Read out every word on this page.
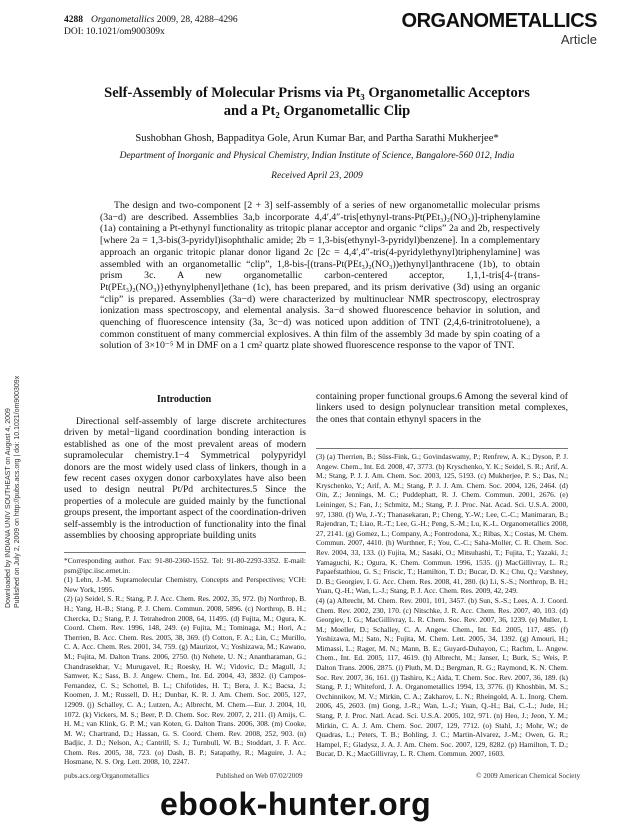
4288 Organometallics 2009, 28, 4288–4296
DOI: 10.1021/om900309x	ORGANOMETALLICS
Article
Self-Assembly of Molecular Prisms via Pt₃ Organometallic Acceptors
and a Pt₂ Organometallic Clip
Sushobhan Ghosh, Bappaditya Gole, Arun Kumar Bar, and Partha Sarathi Mukherjee*
Department of Inorganic and Physical Chemistry, Indian Institute of Science, Bangalore-560 012, India
Received April 23, 2009
The design and two-component [2 + 3] self-assembly of a series of new organometallic molecular prisms (3a−d) are described. Assemblies 3a,b incorporate 4,4′,4″-tris[ethynyl-trans-Pt(PEt₃)₂(NO₃)]-triphenylamine (1a) containing a Pt-ethynyl functionality as tritopic planar acceptor and organic “clips” 2a and 2b, respectively [where 2a = 1,3-bis(3-pyridyl)isophthalic amide; 2b = 1,3-bis(ethynyl-3-pyridyl)benzene]. In a complementary approach an organic tritopic planar donor ligand 2c [2c = 4,4′,4″-tris(4-pyridylethynyl)triphenylamine] was assembled with an organometallic “clip”, 1,8-bis-[(trans-Pt(PEt₃)₂(NO₃))ethynyl]anthracene (1b), to obtain prism 3c. A new organometallic carbon-centered acceptor, 1,1,1-tris[4-{trans-Pt(PEt₃)₂(NO₃)}ethynylphenyl]ethane (1c), has been prepared, and its prism derivative (3d) using an organic “clip” is prepared. Assemblies (3a−d) were characterized by multinuclear NMR spectroscopy, electrospray ionization mass spectroscopy, and elemental analysis. 3a−d showed fluorescence behavior in solution, and quenching of fluorescence intensity (3a, 3c−d) was noticed upon addition of TNT (2,4,6-trinitrotoluene), a common constituent of many commercial explosives. A thin film of the assembly 3d made by spin coating of a solution of 3×10⁻⁵ M in DMF on a 1 cm² quartz plate showed fluorescence response to the vapor of TNT.
Downloaded by INDIANA UNIV SOUTHEAST on August 4, 2009 Published on July 2, 2009 on http://pubs.acs.org | doi: 10.1021/om900309x	Introduction
Directional self-assembly of large discrete architectures driven by metal−ligand coordination bonding interaction is established as one of the most prevalent areas of modern supramolecular chemistry.1−4 Symmetrical polypyridyl donors are the most widely used class of linkers, though in a few recent cases oxygen donor carboxylates have also been used to design neutral Pt/Pd architectures.5 Since the properties of a molecule are guided mainly by the functional groups present, the important aspect of the coordination-driven self-assembly is the introduction of functionality into the final assemblies by choosing appropriate building units
containing proper functional groups.6 Among the several kind of linkers used to design polynuclear transition metal complexes, the ones that contain ethynyl spacers in the
*Corresponding author. Fax: 91-80-2360-1552. Tel: 91-80-2293-3352. E-mail: psm@ipc.iisc.ernet.in.
(1) Lehn, J.-M. Supramolecular Chemistry, Concepts and Perspectives; VCH: New York, 1995.
(2) (a) Seidel, S. R.; Stang, P. J. Acc. Chem. Res. 2002, 35, 972. (b) Northrop, B. H.; Yang, H.-B.; Stang, P. J. Chem. Commun. 2008, 5896. (c) Northrop, B. H.; Chercka, D.; Stang, P. J. Tetrahedron 2008, 64, 11495. (d) Fujita, M.; Ogura, K. Coord. Chem. Rev. 1996, 148, 249. (e) Fujita, M.; Tominaga, M.; Hori, A.; Therrien, B. Acc. Chem. Res. 2005, 38, 369. (f) Cotton, F. A.; Lin, C.; Murillo, C. A. Acc. Chem. Res. 2001, 34, 759. (g) Maurizot, V.; Yoshizawa, M.; Kawano, M.; Fujita, M. Dalton Trans. 2006, 2750. (h) Nehete, U. N.; Anantharaman, G.; Chandrasekhar, V.; Murugavel, R.; Roesky, H. W.; Vidovic, D.; Magull, J.; Samwer, K.; Sass, B. J. Angew. Chem., Int. Ed. 2004, 43, 3832. (i) Campos-Fernandez, C. S.; Schottel, B. L.; Chifotides, H. T.; Bera, J. K.; Bacsa, J.; Koomen, J. M.; Russell, D. H.; Dunbar, K. R. J. Am. Chem. Soc. 2005, 127, 12909. (j) Schalley, C. A.; Lutzen, A.; Albrecht, M. Chem.—Eur. J. 2004, 10, 1072. (k) Vickers, M. S.; Beer, P. D. Chem. Soc. Rev. 2007, 2, 211. (l) Amijs, C. H. M.; van Klink, G. P. M.; van Koten, G. Dalton Trans. 2006, 308. (m) Cooke, M. W.; Chartrand, D.; Hassan, G. S. Coord. Chem. Rev. 2008, 252, 903. (n) Badjic, J. D.; Nelson, A.; Cantrill, S. J.; Turnbull, W. B.; Stoddart, J. F. Acc. Chem. Res. 2005, 38, 723. (o) Dash, B. P.; Satapathy, R.; Maguire, J. A.; Hosmane, N. S. Org. Lett. 2008, 10, 2247.
(3) (a) Therrien, B.; Süss-Fink, G.; Govindaswamy, P.; Renfrew, A. K.; Dyson, P. J. Angew. Chem., Int. Ed. 2008, 47, 3773. (b) Kryschenko, Y. K.; Seidel, S. R.; Arif, A. M.; Stang, P. J. J. Am. Chem. Soc. 2003, 125, 5193. (c) Mukherjee, P. S.; Das, N.; Kryschenko, Y.; Arif, A. M.; Stang, P. J. J. Am. Chem. Soc. 2004, 126, 2464. (d) Oin, Z.; Jennings, M. C.; Puddephatt, R. J. Chem. Commun. 2001, 2676. (e) Leininger, S.; Fan, J.; Schmitz, M.; Stang, P. J. Proc. Nat. Acad. Sci. U.S.A. 2000, 97, 1380. (f) Wu, J.-Y.; Thanasekaran, P.; Cheng, Y.-W.; Lee, C.-C.; Manimaran, B.; Rajendran, T.; Liao, R.-T.; Lee, G.-H.; Peng, S.-M.; Lu, K.-L. Organometallics 2008, 27, 2141. (g) Gomez, L.; Company, A.; Fontrodona, X.; Ribas, X.; Costas, M. Chem. Commun. 2007, 4410. (h) Wurthner, F.; You, C.-C.; Saha-Moller, C. R. Chem. Soc. Rev. 2004, 33, 133. (i) Fujita, M.; Sasaki, O.; Mitsuhashi, T.; Fujita, T.; Yazaki, J.; Yamaguchi, K.; Ogura, K. Chem. Commun. 1996, 1535. (j) MacGillivray, L. R.; Papaefstathiou, G. S.; Friscic, T.; Hamilton, T. D.; Bucar, D. K.; Chu, Q.; Varshney, D. B.; Georgiev, I. G. Acc. Chem. Res. 2008, 41, 280. (k) Li, S.-S.; Northrop, B. H.; Yuan, Q.-H.; Wan, L.-J.; Stang, P. J. Acc. Chem. Res. 2009, 42, 249.
(4) (a) Albrecht, M. Chem. Rev. 2001, 101, 3457. (b) Sun, S.-S.; Lees, A. J. Coord. Chem. Rev. 2002, 230, 170. (c) Nitschke, J. R. Acc. Chem. Res. 2007, 40, 103. (d) Georgiev, I. G.; MacGillivray, L. R. Chem. Soc. Rev. 2007, 36, 1239. (e) Muller, I. M.; Moeller, D.; Schalley, C. A. Angew. Chem., Int. Ed. 2005, 117, 485. (f) Yoshizawa, M.; Sato, N.; Fujita, M. Chem. Lett. 2005, 34, 1392. (g) Amouri, H.; Mimassi, L.; Rager, M. N.; Mann, B. E.; Guyard-Duhayon, C.; Rachm, L. Angew. Chem., Int. Ed. 2005, 117, 4619. (h) Albrecht, M.; Janser, I.; Burk, S.; Weis, P. Dalton Trans. 2006, 2875. (i) Pluth, M. D.; Bergman, R. G.; Raymond, K. N. Chem. Soc. Rev. 2007, 36, 161. (j) Tashiro, K.; Aida, T. Chem. Soc. Rev. 2007, 36, 189. (k) Stang, P. J.; Whiteford, J. A. Organometallics 1994, 13, 3776. (l) Khoshbin, M. S.; Ovchinnikov, M. V.; Mirkin, C. A.; Zakharov, L. N.; Rheingold, A. L. Inorg. Chem. 2006, 45, 2603. (m) Gong, J.-R.; Wan, L.-J.; Yuan, Q.-H.; Bai, C.-L.; Jude, H.; Stang, P. J. Proc. Natl. Acad. Sci. U.S.A. 2005, 102, 971. (n) Heo, J.; Jeon, Y. M.; Mirkin, C. A. J. Am. Chem. Soc. 2007, 129, 7712. (o) Stahl, J.; Mohr, W.; de Quadras, L.; Peters, T. B.; Bohling, J. C.; Martin-Alvarez, J.-M.; Owen, G. R.; Hampel, F.; Gladysz, J. A. J. Am. Chem. Soc. 2007, 129, 8282. (p) Hamilton, T. D.; Bucar, D. K.; MacGillivray, L. R. Chem. Commun. 2007, 1603.
pubs.acs.org/Organometallics	Published on Web 07/02/2009	© 2009 American Chemical Society
ebook-hunter.org
